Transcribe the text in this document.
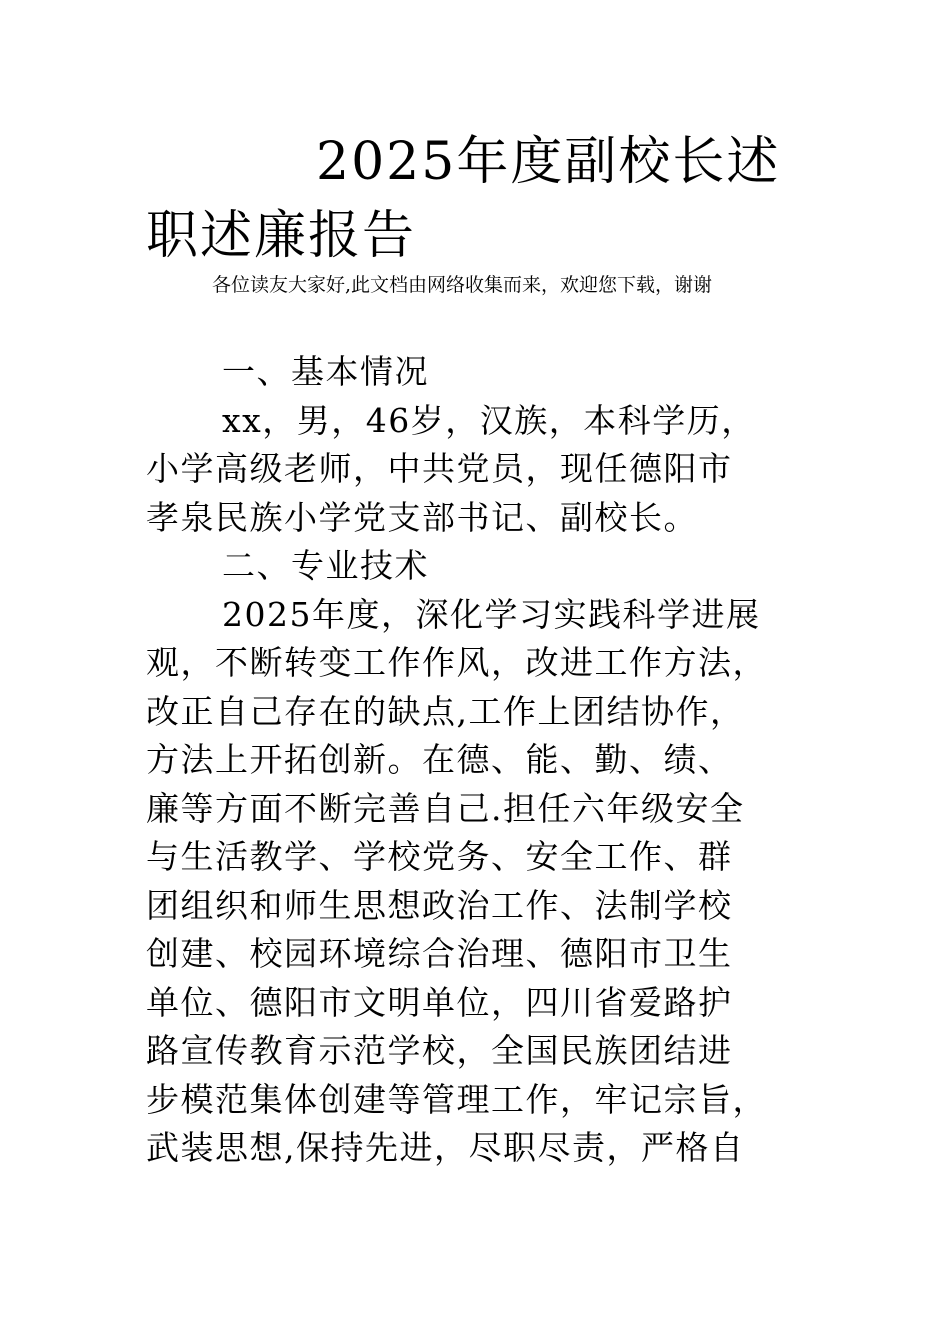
2025年度副校长述
职述廉报告
各位读友大家好,此文档由网络收集而来，欢迎您下载，谢谢
一、基本情况
xx，男，46岁，汉族，本科学历，
小学高级老师，中共党员，现任德阳市
孝泉民族小学党支部书记、副校长。
二、专业技术
2025年度，深化学习实践科学进展
观，不断转变工作作风，改进工作方法，
改正自己存在的缺点,工作上团结协作，
方法上开拓创新。在德、能、勤、绩、
廉等方面不断完善自己.担任六年级安全
与生活教学、学校党务、安全工作、群
团组织和师生思想政治工作、法制学校
创建、校园环境综合治理、德阳市卫生
单位、德阳市文明单位，四川省爱路护
路宣传教育示范学校，全国民族团结进
步模范集体创建等管理工作，牢记宗旨，
武装思想,保持先进，尽职尽责，严格自
